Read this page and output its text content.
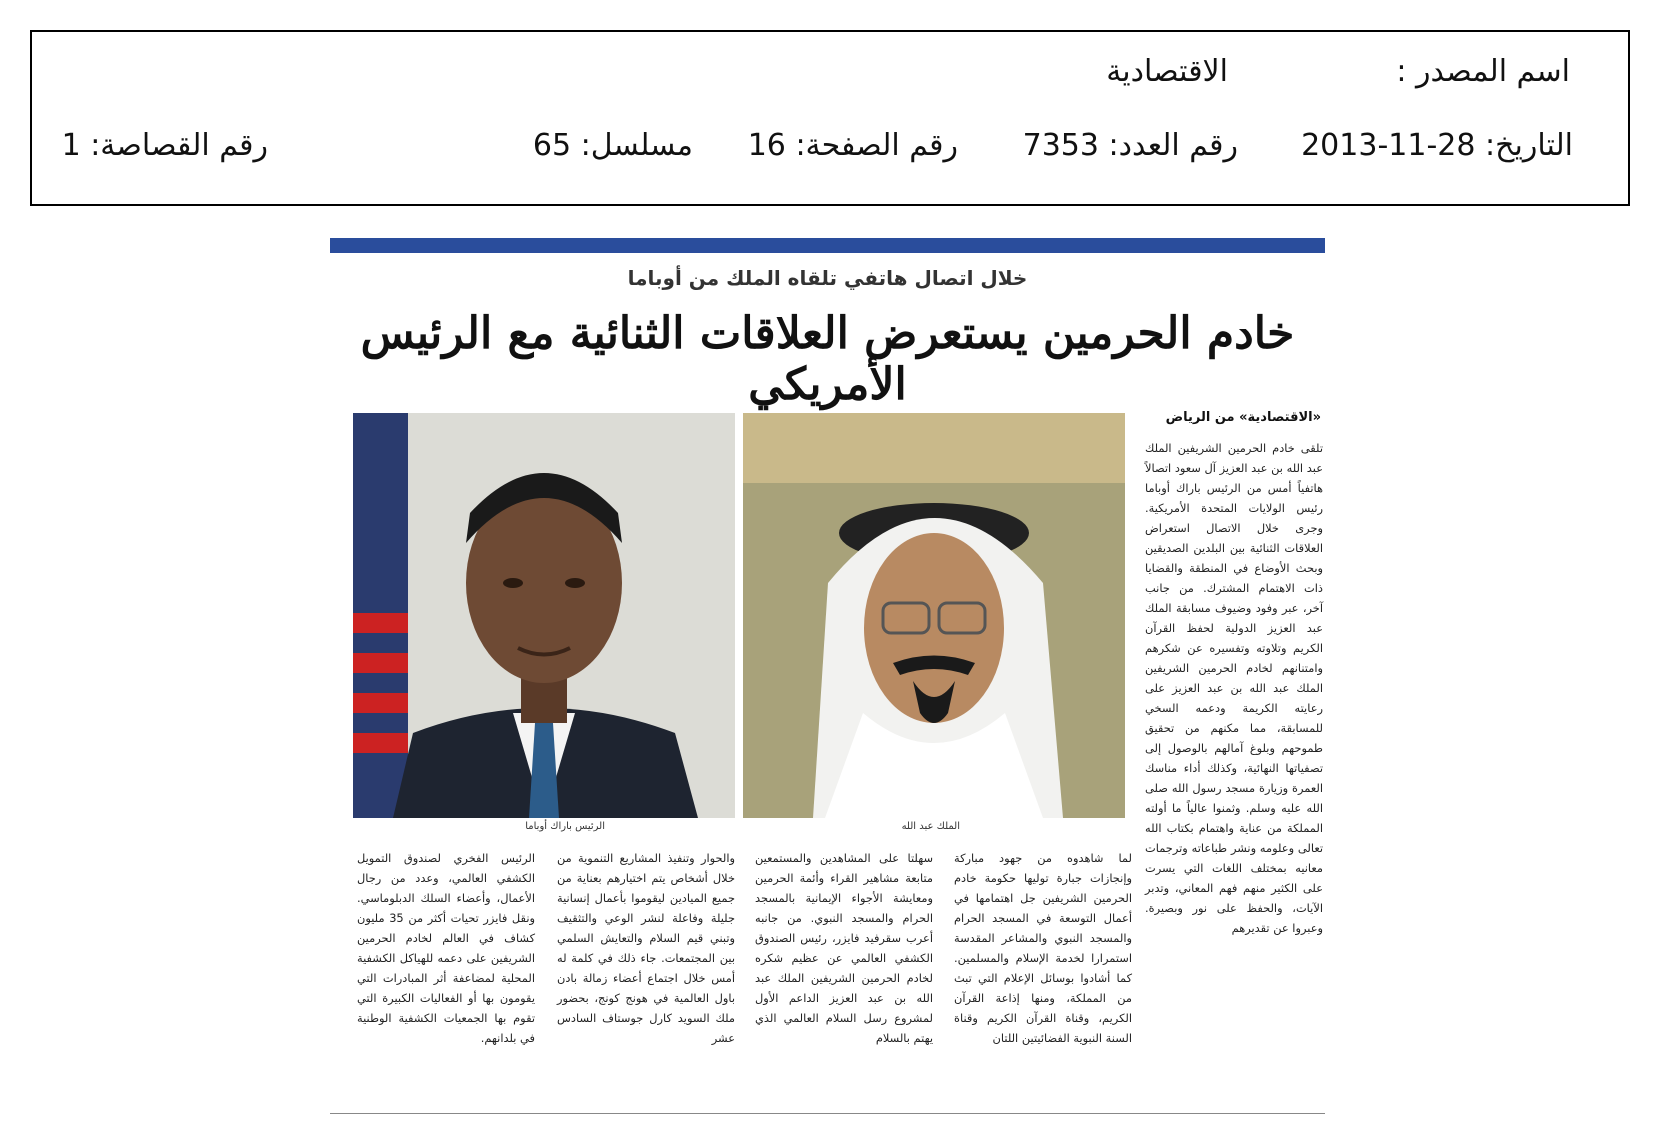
اسم المصدر :
الاقتصادية
التاريخ: 28-11-2013
رقم العدد: 7353
رقم الصفحة: 16
مسلسل: 65
رقم القصاصة: 1
خلال اتصال هاتفي تلقاه الملك من أوباما
خادم الحرمين يستعرض العلاقات الثنائية مع الرئيس الأمريكي
«الاقتصادية» من الرياض
تلقى خادم الحرمين الشريفين الملك عبد الله بن عبد العزيز آل سعود اتصالاً هاتفياً أمس من الرئيس باراك أوباما رئيس الولايات المتحدة الأمريكية. وجرى خلال الاتصال استعراض العلاقات الثنائية بين البلدين الصديقين وبحث الأوضاع في المنطقة والقضايا ذات الاهتمام المشترك. من جانب آخر، عبر وفود وضيوف مسابقة الملك عبد العزيز الدولية لحفظ القرآن الكريم وتلاوته وتفسيره عن شكرهم وامتنانهم لخادم الحرمين الشريفين الملك عبد الله بن عبد العزيز على رعايته الكريمة ودعمه السخي للمسابقة، مما مكنهم من تحقيق طموحهم وبلوغ آمالهم بالوصول إلى تصفياتها النهائية، وكذلك أداء مناسك العمرة وزيارة مسجد رسول الله صلى الله عليه وسلم. وثمنوا عالياً ما أولته المملكة من عناية واهتمام بكتاب الله تعالى وعلومه ونشر طباعاته وترجمات معانيه بمختلف اللغات التي يسرت على الكثير منهم فهم المعاني، وتدبر الآيات، والحفظ على نور وبصيرة. وعبروا عن تقديرهم
الملك عبد الله
الرئيس باراك أوباما
لما شاهدوه من جهود مباركة وإنجازات جبارة توليها حكومة خادم الحرمين الشريفين جل اهتمامها في أعمال التوسعة في المسجد الحرام والمسجد النبوي والمشاعر المقدسة استمرارا لخدمة الإسلام والمسلمين. كما أشادوا بوسائل الإعلام التي تبث من المملكة، ومنها إذاعة القرآن الكريم، وقناة القرآن الكريم وقناة السنة النبوية الفضائيتين اللتان
سهلتا على المشاهدين والمستمعين متابعة مشاهير القراء وأئمة الحرمين ومعايشة الأجواء الإيمانية بالمسجد الحرام والمسجد النبوي. من جانبه أعرب سقرفيد فايزر، رئيس الصندوق الكشفي العالمي عن عظيم شكره لخادم الحرمين الشريفين الملك عبد الله بن عبد العزيز الداعم الأول لمشروع رسل السلام العالمي الذي يهتم بالسلام
والحوار وتنفيذ المشاريع التنموية من خلال أشخاص يتم اختيارهم بعناية من جميع الميادين ليقوموا بأعمال إنسانية جليلة وفاعلة لنشر الوعي والتثقيف وتبني قيم السلام والتعايش السلمي بين المجتمعات. جاء ذلك في كلمة له أمس خلال اجتماع أعضاء زمالة بادن باول العالمية في هونج كونج، بحضور ملك السويد كارل جوستاف السادس عشر
الرئيس الفخري لصندوق التمويل الكشفي العالمي، وعدد من رجال الأعمال، وأعضاء السلك الدبلوماسي. ونقل فايزر تحيات أكثر من 35 مليون كشاف في العالم لخادم الحرمين الشريفين على دعمه للهياكل الكشفية المحلية لمضاعفة أثر المبادرات التي يقومون بها أو الفعاليات الكبيرة التي تقوم بها الجمعيات الكشفية الوطنية في بلدانهم.
